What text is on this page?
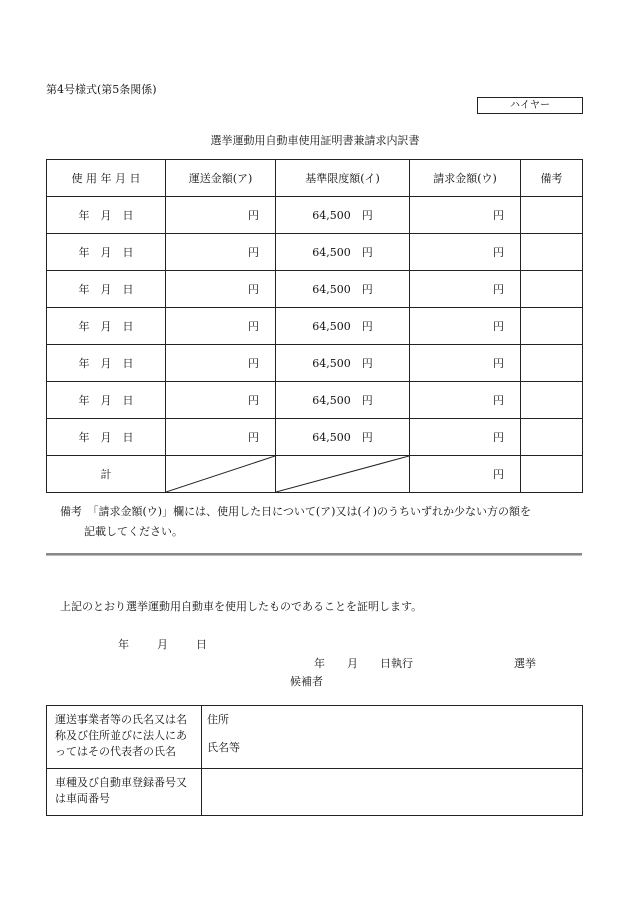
第4号様式(第5条関係)
ハイヤー
選挙運動用自動車使用証明書兼請求内訳書
使 用 年 月 日	運送金額(ア)	基準限度額(イ)	請求金額(ウ)	備考
年　月　日	円	64,500　円	円	
年　月　日	円	64,500　円	円	
年　月　日	円	64,500　円	円	
年　月　日	円	64,500　円	円	
年　月　日	円	64,500　円	円	
年　月　日	円	64,500　円	円	
年　月　日	円	64,500　円	円	
計			円	
備考　 「請求金額(ウ)」欄には、使用した日について(ア)又は(イ)のうちいずれか少ない方の額を
記載してください。
上記のとおり選挙運動用自動車を使用したものであることを証明します。
年	月	日
年 月 日執行	選挙
候補者
運送事業者等の氏名又は名称及び住所並びに法人にあってはその代表者の氏名	住所
氏名等

車種及び自動車登録番号又は車両番号	
